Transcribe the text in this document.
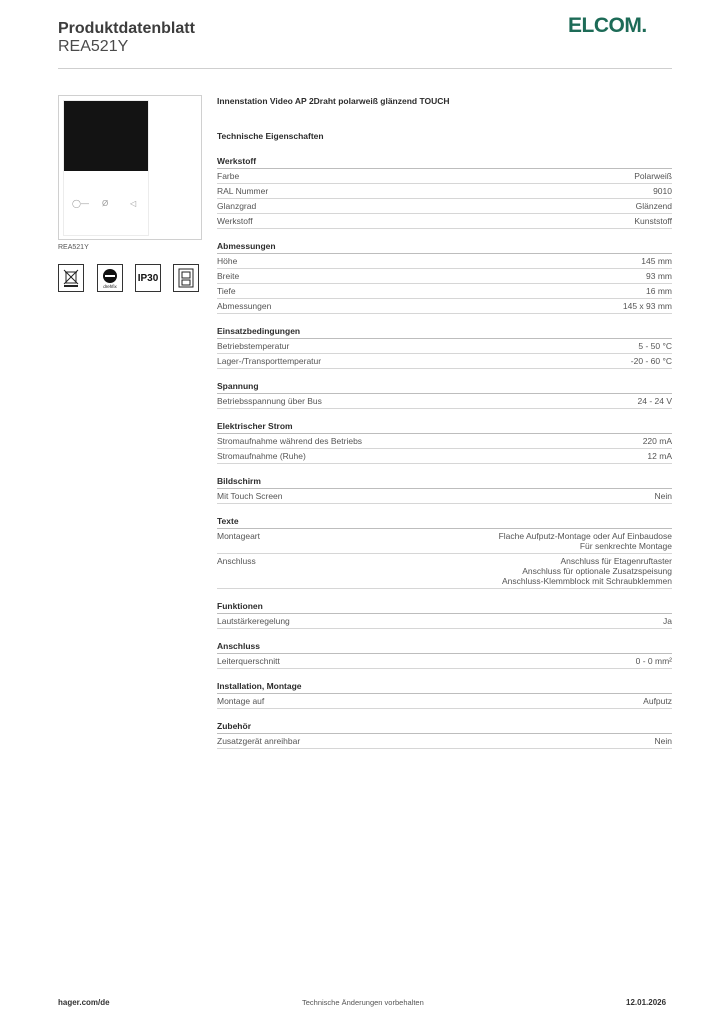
Produktdatenblatt
REA521Y
ELCOM.
◯— Ø	◁
REA521Y
drehfix
IP30
Innenstation Video AP 2Draht polarweiß glänzend TOUCH
Technische Eigenschaften
Werkstoff
Farbe	Polarweiß
RAL Nummer	9010
Glanzgrad	Glänzend
Werkstoff	Kunststoff
Abmessungen
Höhe	145 mm
Breite	93 mm
Tiefe	16 mm
Abmessungen	145 x 93 mm
Einsatzbedingungen
Betriebstemperatur	5 - 50 °C
Lager-/Transporttemperatur	-20 - 60 °C
Spannung
Betriebsspannung über Bus	24 - 24 V
Elektrischer Strom
Stromaufnahme während des Betriebs	220 mA
Stromaufnahme (Ruhe)	12 mA
Bildschirm
Mit Touch Screen	Nein
Texte
Montageart	Flache Aufputz-Montage oder Auf Einbaudose
Für senkrechte Montage
Anschluss	Anschluss für Etagenruftaster
Anschluss für optionale Zusatzspeisung
Anschluss-Klemmblock mit Schraubklemmen
Funktionen
Lautstärkeregelung	Ja
Anschluss
Leiterquerschnitt	0 - 0 mm²
Installation, Montage
Montage auf	Aufputz
Zubehör
Zusatzgerät anreihbar	Nein
hager.com/de	Technische Änderungen vorbehalten	12.01.2026
